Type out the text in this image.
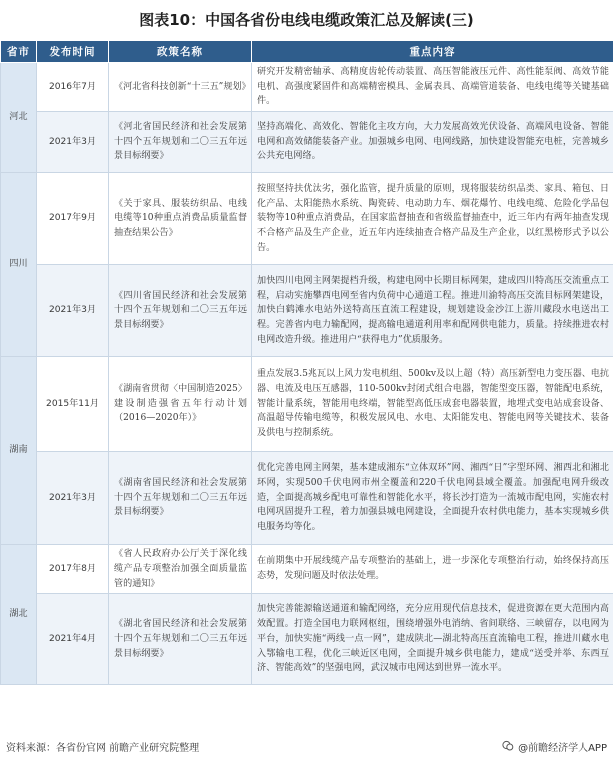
图表10：中国各省份电线电缆政策汇总及解读(三)
省市	发布时间	政策名称	重点内容
河北	2016年7月	《河北省科技创新“十三五”规划》	研究开发精密轴承、高精度齿轮传动装置、高压智能液压元件、高性能泵阀、高效节能电机、高强度紧固件和高端精密模具、金属表具、高端管道装备、电线电缆等关键基础件。
	2021年3月	《河北省国民经济和社会发展第十四个五年规划和二〇三五年远景目标纲要》	坚持高端化、高效化、智能化主攻方向，大力发展高效光伏设备、高端风电设备、智能电网和高效储能装备产业。加强城乡电网、电网线路，加快建设智能充电桩，完善城乡公共充电网络。
四川	2017年9月	《关于家具、服装纺织品、电线电缆等10种重点消费品质量监督抽查结果公告》	按照坚持扶优汰劣，强化监管，提升质量的原则，现将服装纺织品类、家具、箱包、日化产品、太阳能热水系统、陶瓷砖、电动助力车、烟花爆竹、电线电缆、危险化学品包装物等10种重点消费品，在国家监督抽查和省级监督抽查中，近三年内有两年抽查发现不合格产品及生产企业，近五年内连续抽查合格产品及生产企业，以红黑榜形式予以公告。
	2021年3月	《四川省国民经济和社会发展第十四个五年规划和二〇三五年远景目标纲要》	加快四川电网主网架提档升级，构建电网中长期目标网架，建成四川特高压交流重点工程，启动实施攀西电网至省内负荷中心通道工程。推进川渝特高压交流目标网架建设，加快白鹤滩水电站外送特高压直流工程建设，规划建设金沙江上游川藏段水电送出工程。完善省内电力输配网，提高输电通道利用率和配网供电能力，质量。持续推进农村电网改造升级。推进用户“获得电力”优质服务。
湖南	2015年11月	《湖南省贯彻〈中国制造2025〉建设制造强省五年行动计划（2016—2020年）》	重点发展3.5兆瓦以上风力发电机组、500kv及以上超（特）高压新型电力变压器、电抗器、电流及电压互感器，110-500kv封闭式组合电器，智能型变压器，智能配电系统，智能计量系统，智能用电终端，智能型高低压成套电器装置，地埋式变电站成套设备、高温超导传输电缆等，积极发展风电、水电、太阳能发电、智能电网等关键技术、装备及供电与控制系统。
	2021年3月	《湖南省国民经济和社会发展第十四个五年规划和二〇三五年远景目标纲要》	优化完善电网主网架，基本建成湘东“立体双环”网、湘西“日”字型环网、湘西北和湘北环网，实现500千伏电网市州全覆盖和220千伏电网县域全覆盖。加强配电网升级改造，全面提高城乡配电可靠性和智能化水平，将长沙打造为一流城市配电网，实施农村电网巩固提升工程，着力加强县城电网建设，全面提升农村供电能力，基本实现城乡供电服务均等化。
湖北	2017年8月	《省人民政府办公厅关于深化线缆产品专项整治加强全面质量监管的通知》	在前期集中开展线缆产品专项整治的基础上，进一步深化专项整治行动，始终保持高压态势，发现问题及时依法处理。
	2021年4月	《湖北省国民经济和社会发展第十四个五年规划和二〇三五年远景目标纲要》	加快完善能源输送通道和输配网络，充分应用现代信息技术，促进资源在更大范围内高效配置。打造全国电力联网枢纽，围绕增强外电消纳、省间联络、三峡留存，以电网为平台，加快实施“两线一点一网”，建成陕北—湖北特高压直流输电工程，推进川藏水电入鄂输电工程，优化三峡近区电网，全面提升城乡供电能力，建成“送受并举、东西互济、智能高效”的坚强电网，武汉城市电网达到世界一流水平。
资料来源：各省份官网 前瞻产业研究院整理	@前瞻经济学人APP
